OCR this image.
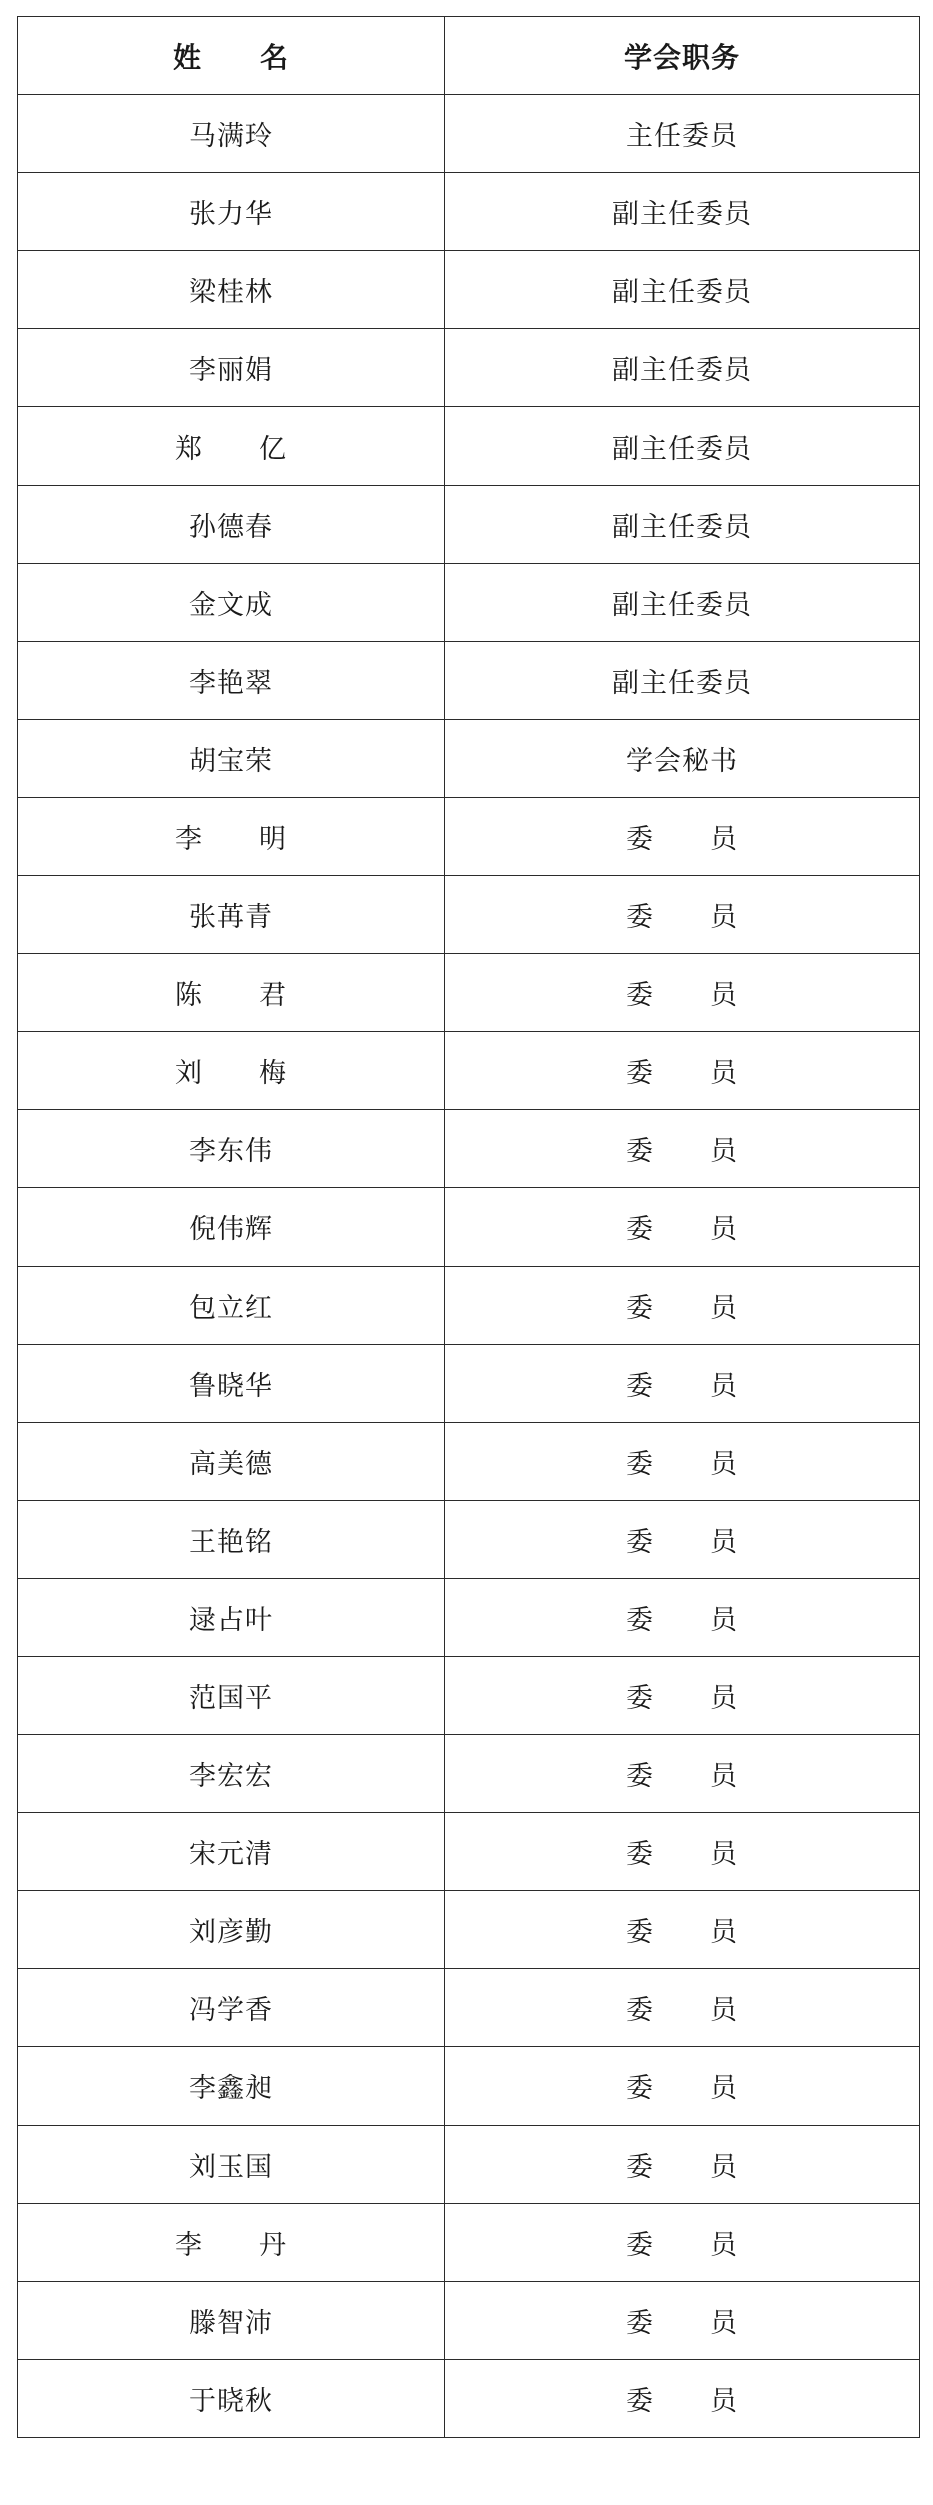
姓　　名	学会职务
马满玲	主任委员
张力华	副主任委员
梁桂林	副主任委员
李丽娟	副主任委员
郑　　亿	副主任委员
孙德春	副主任委员
金文成	副主任委员
李艳翠	副主任委员
胡宝荣	学会秘书
李　　明	委　　员
张苒青	委　　员
陈　　君	委　　员
刘　　梅	委　　员
李东伟	委　　员
倪伟辉	委　　员
包立红	委　　员
鲁晓华	委　　员
高美德	委　　员
王艳铭	委　　员
逯占叶	委　　员
范国平	委　　员
李宏宏	委　　员
宋元清	委　　员
刘彦勤	委　　员
冯学香	委　　员
李鑫昶	委　　员
刘玉国	委　　员
李　　丹	委　　员
滕智沛	委　　员
于晓秋	委　　员
